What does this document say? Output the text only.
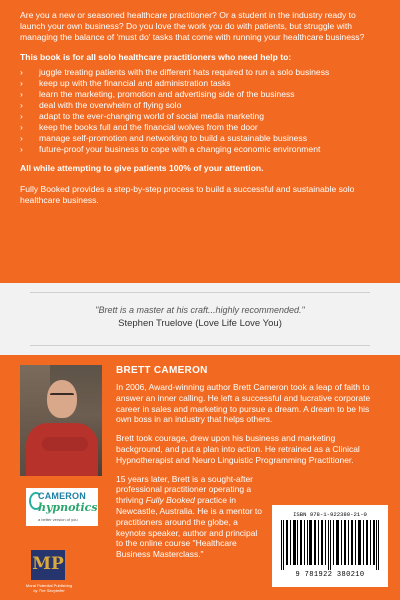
Are you a new or seasoned healthcare practitioner? Or a student in the industry ready to launch your own business? Do you love the work you do with patients, but struggle with managing the balance of 'must do' tasks that come with running your healthcare business?

This book is for all solo healthcare practitioners who need help to:

› juggle treating patients with the different hats required to run a solo business
› keep up with the financial and administration tasks
› learn the marketing, promotion and advertising side of the business
› deal with the overwhelm of flying solo
› adapt to the ever-changing world of social media marketing
› keep the books full and the financial wolves from the door
› manage self-promotion and networking to build a sustainable business
› future-proof your business to cope with a changing economic environment

All while attempting to give patients 100% of your attention.

Fully Booked provides a step-by-step process to build a successful and sustainable solo healthcare business.

"Brett is a master at his craft...highly recommended."
Stephen Truelove (Love Life Love You)
CAMERON
hypnotics
a better version of you
MP
Moral Potential Publishing
by The Storyteller
BRETT CAMERON

In 2006, Award-winning author Brett Cameron took a leap of faith to answer an inner calling. He left a successful and lucrative corporate career in sales and marketing to pursue a dream. A dream to be his own boss in an industry that helps others.

Brett took courage, drew upon his business and marketing background, and put a plan into action. He retrained as a Clinical Hypnotherapist and Neuro Linguistic Programming Practitioner.

15 years later, Brett is a sought-after professional practitioner operating a thriving Fully Booked practice in Newcastle, Australia. He is a mentor to practitioners around the globe, a keynote speaker, author and principal to the online course "Healthcare Business Masterclass."

ISBN 978-1-922380-21-0
9 781922 380210
